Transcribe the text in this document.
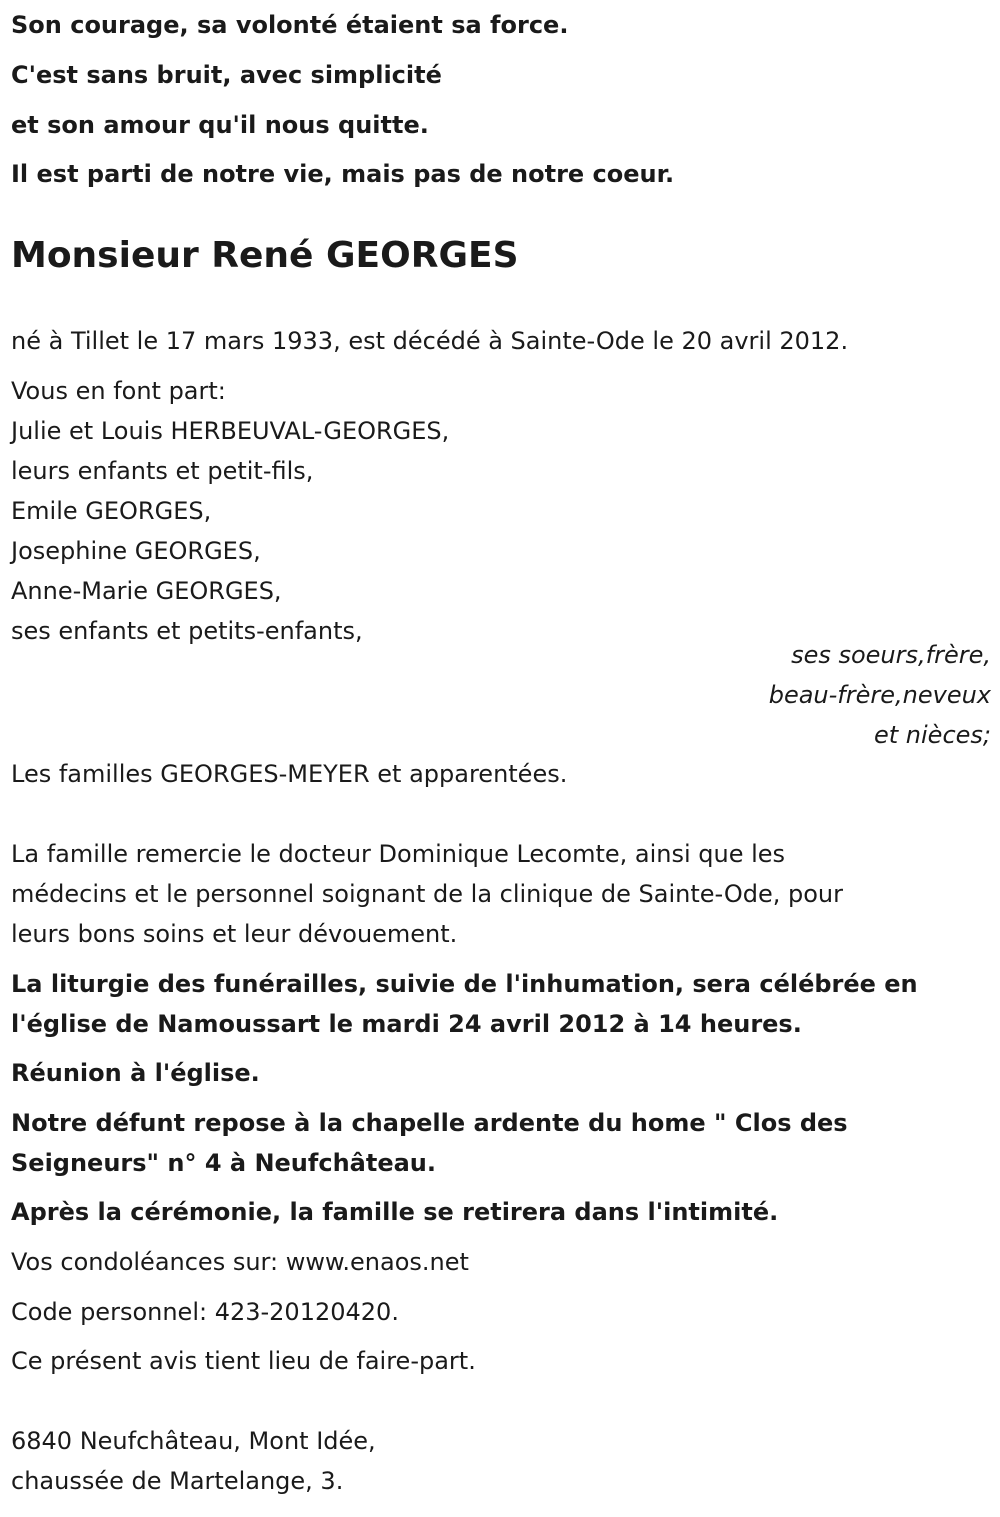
Son courage, sa volonté étaient sa force.
C'est sans bruit, avec simplicité
et son amour qu'il nous quitte.
Il est parti de notre vie, mais pas de notre coeur.
Monsieur René GEORGES
né à Tillet le 17 mars 1933, est décédé à Sainte-Ode le 20 avril 2012.
Vous en font part:
Julie et Louis HERBEUVAL-GEORGES,
leurs enfants et petit-fils,
Emile GEORGES,
Josephine GEORGES,
Anne-Marie GEORGES,
ses enfants et petits-enfants,
ses soeurs,frère,
beau-frère,neveux
et nièces;
Les familles GEORGES-MEYER et apparentées.
La famille remercie le docteur Dominique Lecomte, ainsi que les
médecins et le personnel soignant de la clinique de Sainte-Ode, pour
leurs bons soins et leur dévouement.
La liturgie des funérailles, suivie de l'inhumation, sera célébrée en
l'église de Namoussart le mardi 24 avril 2012 à 14 heures.
Réunion à l'église.
Notre défunt repose à la chapelle ardente du home " Clos des
Seigneurs" n° 4 à Neufchâteau.
Après la cérémonie, la famille se retirera dans l'intimité.
Vos condoléances sur: www.enaos.net
Code personnel: 423-20120420.
Ce présent avis tient lieu de faire-part.
6840 Neufchâteau, Mont Idée,
chaussée de Martelange, 3.
